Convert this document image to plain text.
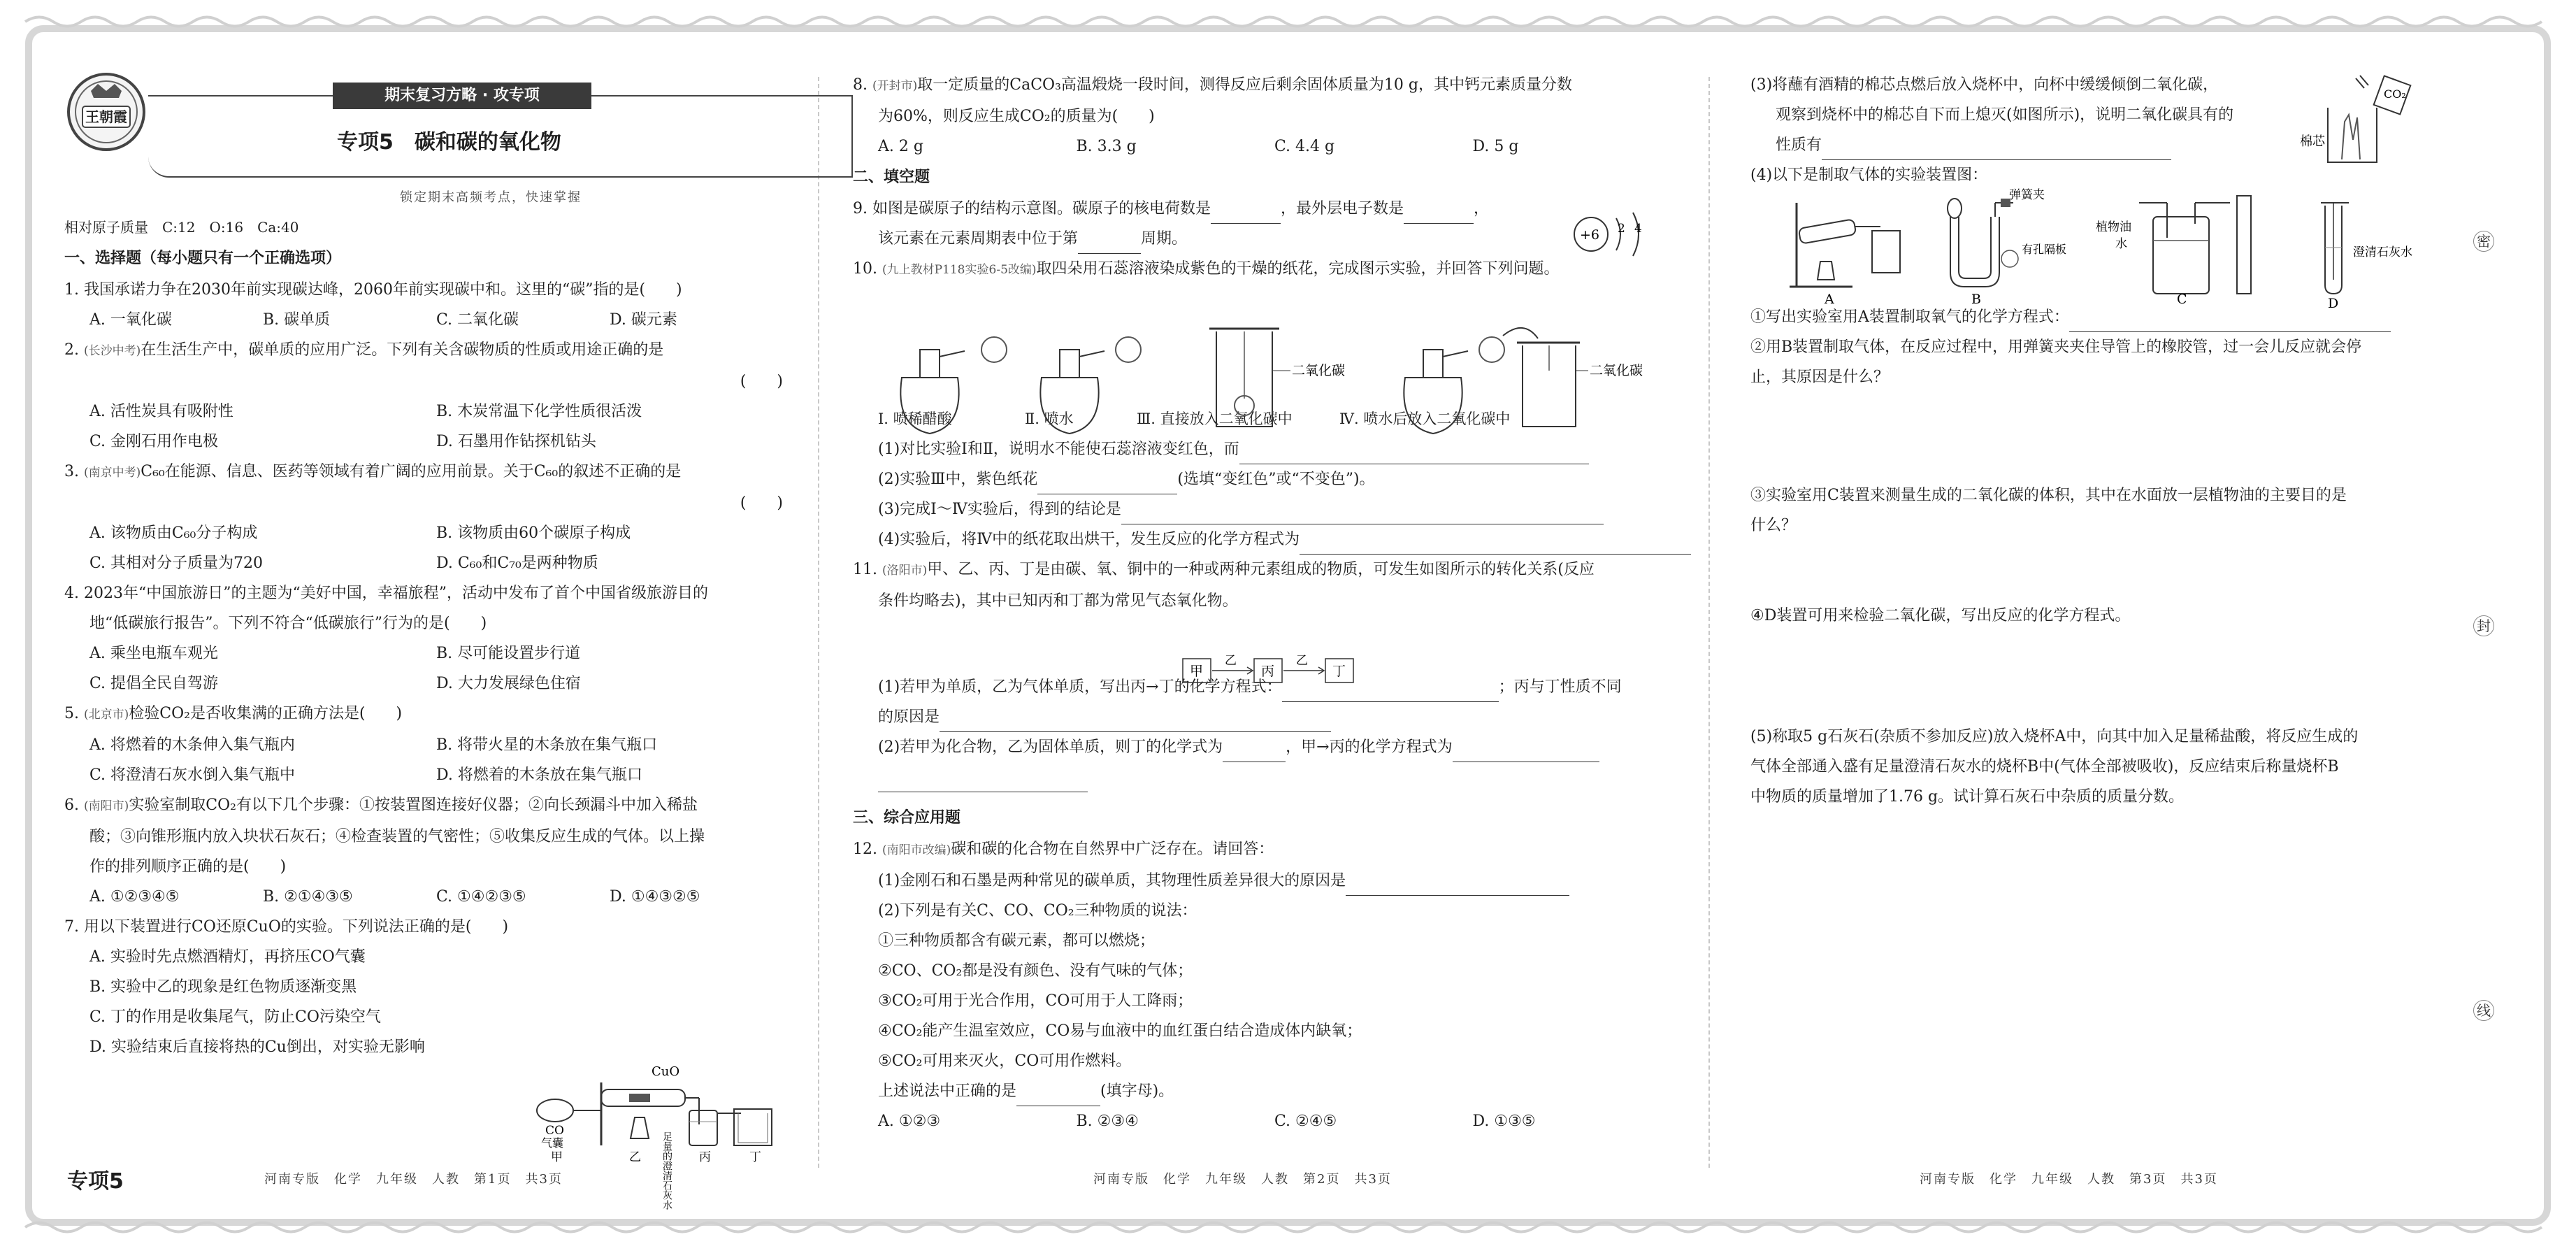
王朝霞
期末复习方略 · 攻专项
专项5　碳和碳的氧化物
锁定期末高频考点，快速掌握
相对原子质量　C:12　O:16　Ca:40
一、选择题（每小题只有一个正确选项）
1. 我国承诺力争在2030年前实现碳达峰，2060年前实现碳中和。这里的“碳”指的是(　　)
A. 一氧化碳	B. 碳单质	C. 二氧化碳	D. 碳元素
2. (长沙中考)在生活生产中，碳单质的应用广泛。下列有关含碳物质的性质或用途正确的是
(　　)
A. 活性炭具有吸附性	B. 木炭常温下化学性质很活泼
C. 金刚石用作电极	D. 石墨用作钻探机钻头
3. (南京中考)C₆₀在能源、信息、医药等领域有着广阔的应用前景。关于C₆₀的叙述不正确的是
(　　)
A. 该物质由C₆₀分子构成	B. 该物质由60个碳原子构成
C. 其相对分子质量为720	D. C₆₀和C₇₀是两种物质
4. 2023年“中国旅游日”的主题为“美好中国，幸福旅程”，活动中发布了首个中国省级旅游目的
地“低碳旅行报告”。下列不符合“低碳旅行”行为的是(　　)
A. 乘坐电瓶车观光	B. 尽可能设置步行道
C. 提倡全民自驾游	D. 大力发展绿色住宿
5. (北京市)检验CO₂是否收集满的正确方法是(　　)
A. 将燃着的木条伸入集气瓶内	B. 将带火星的木条放在集气瓶口
C. 将澄清石灰水倒入集气瓶中	D. 将燃着的木条放在集气瓶口
6. (南阳市)实验室制取CO₂有以下几个步骤：①按装置图连接好仪器；②向长颈漏斗中加入稀盐
酸；③向锥形瓶内放入块状石灰石；④检查装置的气密性；⑤收集反应生成的气体。以上操
作的排列顺序正确的是(　　)
A. ①②③④⑤	B. ②①④③⑤	C. ①④②③⑤	D. ①④③②⑤
7. 用以下装置进行CO还原CuO的实验。下列说法正确的是(　　)
A. 实验时先点燃酒精灯，再挤压CO气囊
B. 实验中乙的现象是红色物质逐渐变黑
C. 丁的作用是收集尾气，防止CO污染空气
D. 实验结束后直接将热的Cu倒出，对实验无影响
CuO
CO
气囊	足量的澄清石灰水
甲	乙	丙	丁
8. (开封市)取一定质量的CaCO₃高温煅烧一段时间，测得反应后剩余固体质量为10 g，其中钙元素质量分数
为60%，则反应生成CO₂的质量为(　　)
A. 2 g	B. 3.3 g	C. 4.4 g	D. 5 g
二、填空题
9. 如图是碳原子的结构示意图。碳原子的核电荷数是	，最外层电子数是	，
该元素在元素周期表中位于第	周期。
10. (九上教材P118实验6-5改编)取四朵用石蕊溶液染成紫色的干燥的纸花，完成图示实验，并回答下列问题。
Ⅰ. 喷稀醋酸	Ⅱ. 喷水	Ⅲ. 直接放入二氧化碳中	Ⅳ. 喷水后放入二氧化碳中
(1)对比实验Ⅰ和Ⅱ，说明水不能使石蕊溶液变红色，而
(2)实验Ⅲ中，紫色纸花	(选填“变红色”或“不变色”)。
(3)完成Ⅰ～Ⅳ实验后，得到的结论是
(4)实验后，将Ⅳ中的纸花取出烘干，发生反应的化学方程式为
11. (洛阳市)甲、乙、丙、丁是由碳、氧、铜中的一种或两种元素组成的物质，可发生如图所示的转化关系(反应
条件均略去)，其中已知丙和丁都为常见气态氧化物。
(1)若甲为单质，乙为气体单质，写出丙→丁的化学方程式：	；丙与丁性质不同
的原因是
(2)若甲为化合物，乙为固体单质，则丁的化学式为	，甲→丙的化学方程式为
三、综合应用题
12. (南阳市改编)碳和碳的化合物在自然界中广泛存在。请回答：
(1)金刚石和石墨是两种常见的碳单质，其物理性质差异很大的原因是
(2)下列是有关C、CO、CO₂三种物质的说法：
①三种物质都含有碳元素，都可以燃烧；
②CO、CO₂都是没有颜色、没有气味的气体；
③CO₂可用于光合作用，CO可用于人工降雨；
④CO₂能产生温室效应，CO易与血液中的血红蛋白结合造成体内缺氧；
⑤CO₂可用来灭火，CO可用作燃料。
上述说法中正确的是	(填字母)。
A. ①②③	B. ②③④	C. ②④⑤	D. ①③⑤
+6 2 4
二氧化碳	二氧化碳
甲
乙
丙
乙
丁
(3)将蘸有酒精的棉芯点燃后放入烧杯中，向杯中缓缓倾倒二氧化碳，
观察到烧杯中的棉芯自下而上熄灭(如图所示)，说明二氧化碳具有的
性质有
(4)以下是制取气体的实验装置图：
①写出实验室用A装置制取氧气的化学方程式：
②用B装置制取气体，在反应过程中，用弹簧夹夹住导管上的橡胶管，过一会儿反应就会停
止，其原因是什么？
③实验室用C装置来测量生成的二氧化碳的体积，其中在水面放一层植物油的主要目的是
什么？
④D装置可用来检验二氧化碳，写出反应的化学方程式。
(5)称取5 g石灰石(杂质不参加反应)放入烧杯A中，向其中加入足量稀盐酸，将反应生成的
气体全部通入盛有足量澄清石灰水的烧杯B中(气体全部被吸收)，反应结束后称量烧杯B
中物质的质量增加了1.76 g。试计算石灰石中杂质的质量分数。
CO₂
棉芯
A
弹簧夹
有孔隔板
B
植物油
水
C
澄清石灰水
D
密
封
线
专项5	河南专版　化学　九年级　人教　第1页　共3页	河南专版　化学　九年级　人教　第2页　共3页	河南专版　化学　九年级　人教　第3页　共3页
